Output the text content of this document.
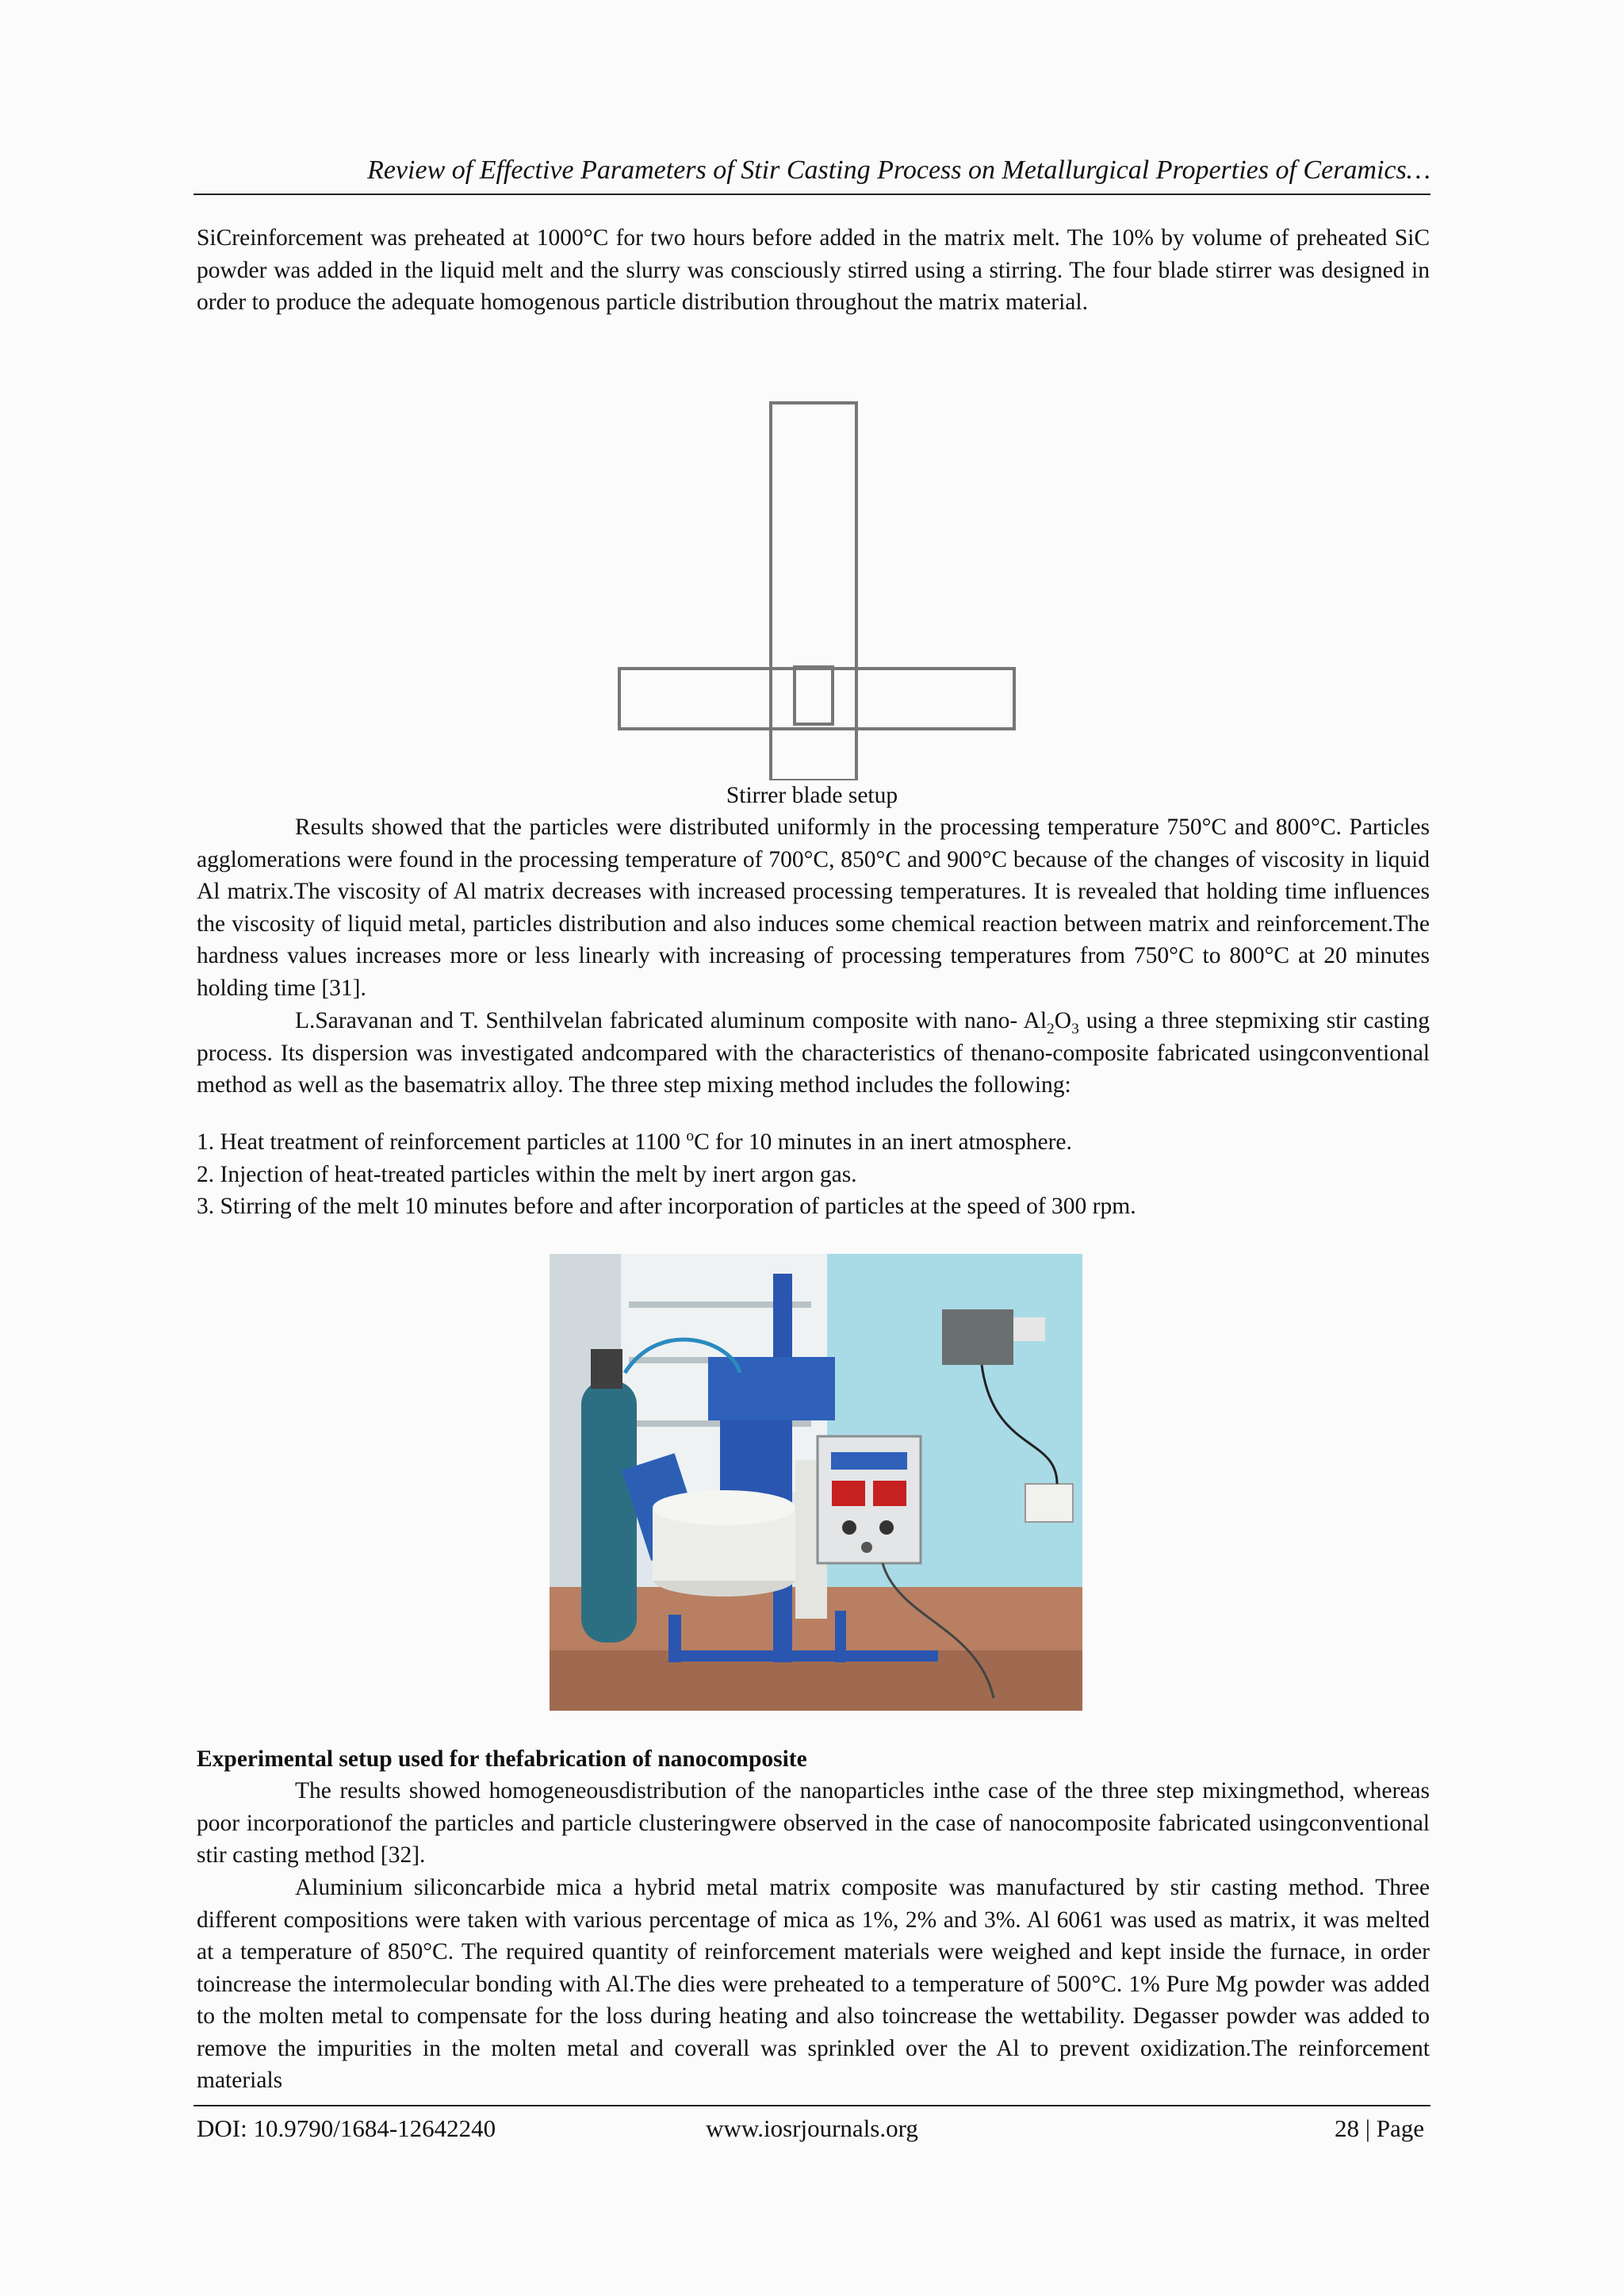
Review of Effective Parameters of Stir Casting Process on Metallurgical Properties of Ceramics…

SiCreinforcement was preheated at 1000°C for two hours before added in the matrix melt. The 10% by volume of preheated SiC powder was added in the liquid melt and the slurry was consciously stirred using a stirring. The four blade stirrer was designed in order to produce the adequate homogenous particle distribution throughout the matrix material.

Stirrer blade setup

Results showed that the particles were distributed uniformly in the processing temperature 750°C and 800°C. Particles agglomerations were found in the processing temperature of 700°C, 850°C and 900°C because of the changes of viscosity in liquid Al matrix.The viscosity of Al matrix decreases with increased processing temperatures. It is revealed that holding time influences the viscosity of liquid metal, particles distribution and also induces some chemical reaction between matrix and reinforcement.The hardness values increases more or less linearly with increasing of processing temperatures from 750°C to 800°C at 20 minutes holding time [31].

L.Saravanan and T. Senthilvelan fabricated aluminum composite with nano- $Al_2O_3$ using a three stepmixing stir casting process. Its dispersion was investigated andcompared with the characteristics of thenano-composite fabricated usingconventional method as well as the basematrix alloy. The three step mixing method includes the following:

1. Heat treatment of reinforcement particles at 1100 $^o$C for 10 minutes in an inert atmosphere.
2. Injection of heat-treated particles within the melt by inert argon gas.
3. Stirring of the melt 10 minutes before and after incorporation of particles at the speed of 300 rpm.
Experimental setup used for thefabrication of nanocomposite

The results showed homogeneousdistribution of the nanoparticles inthe case of the three step mixingmethod, whereas poor incorporationof the particles and particle clusteringwere observed in the case of nanocomposite fabricated usingconventional stir casting method [32].

Aluminium siliconcarbide mica a hybrid metal matrix composite was manufactured by stir casting method. Three different compositions were taken with various percentage of mica as 1%, 2% and 3%. Al 6061 was used as matrix, it was melted at a temperature of 850°C. The required quantity of reinforcement materials were weighed and kept inside the furnace, in order toincrease the intermolecular bonding with Al.The dies were preheated to a temperature of 500°C. 1% Pure Mg powder was added to the molten metal to compensate for the loss during heating and also toincrease the wettability. Degasser powder was added to remove the impurities in the molten metal and coverall was sprinkled over the Al to prevent oxidization.The reinforcement materials

DOI: 10.9790/1684-12642240	www.iosrjournals.org	28 | Page
